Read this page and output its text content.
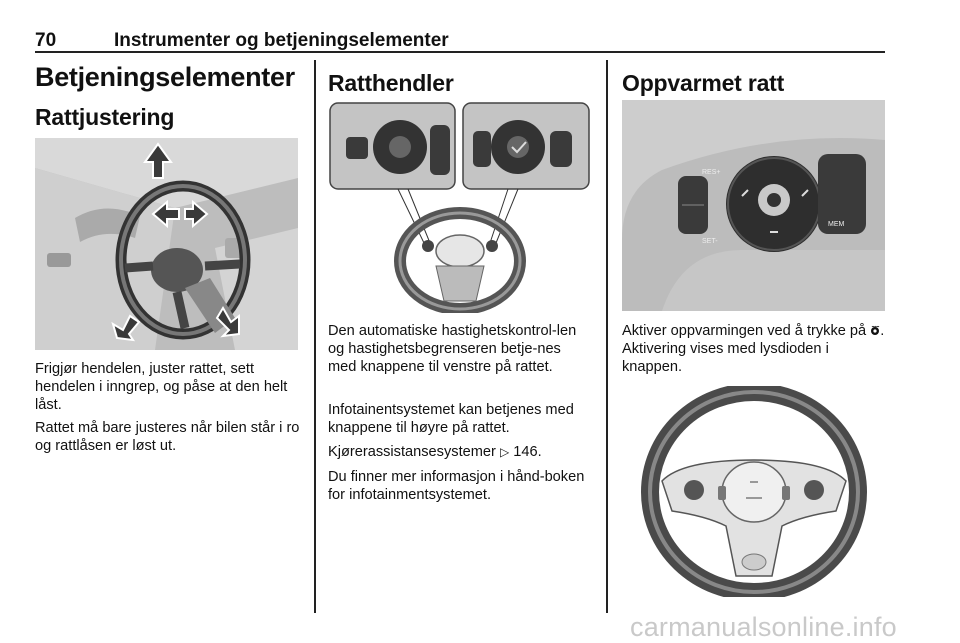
70	Instrumenter og betjeningselementer
Betjeningselementer
Rattjustering

Frigjør hendelen, juster rattet, sett hendelen i inngrep, og påse at den helt låst.

Rattet må bare justeres når bilen står i ro og rattlåsen er løst ut.

Ratthendler

Den automatiske hastighetskontrol-len og hastighetsbegrenseren betje-nes med knappene til venstre på rattet.

Infotainentsystemet kan betjenes med knappene til høyre på rattet.

Kjørerassistansesystemer ▷ 146.

Du finner mer informasjon i hånd-boken for infotainmentsystemet.

Oppvarmet ratt
RES+
SET-
MEM

Aktiver oppvarmingen ved å trykke på . Aktivering vises med lysdioden i knappen.

carmanualsonline.info
